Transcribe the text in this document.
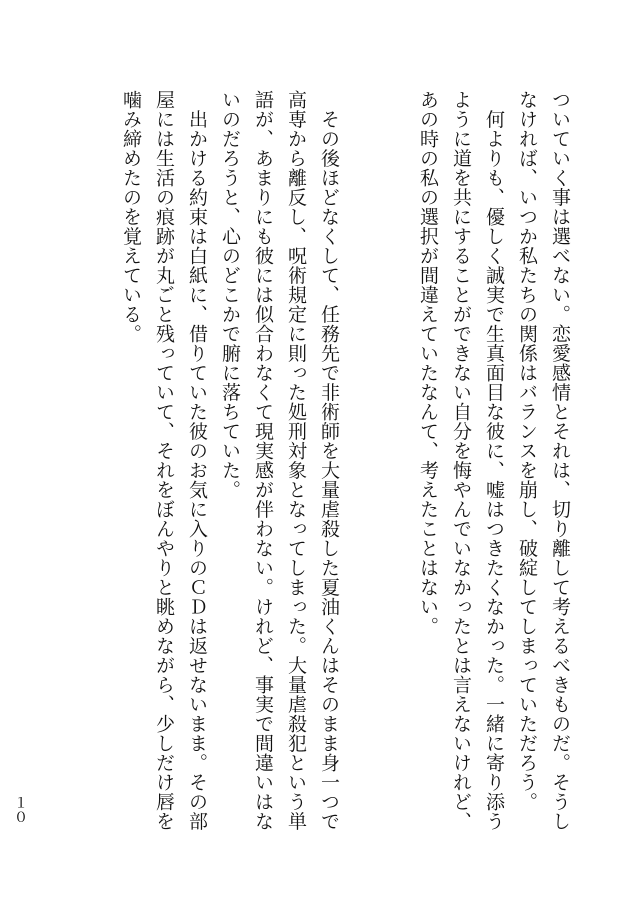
ついていく事は選べない。恋愛感情とそれは、切り離して考えるべきものだ。そうし
なければ、いつか私たちの関係はバランスを崩し、破綻してしまっていただろう。
　何よりも、優しく誠実で生真面目な彼に、嘘はつきたくなかった。一緒に寄り添う
ように道を共にすることができない自分を悔やんでいなかったとは言えないけれど、
あの時の私の選択が間違えていたなんて、考えたことはない。
　その後ほどなくして、任務先で非術師を大量虐殺した夏油くんはそのまま身一つで
高専から離反し、呪術規定に則った処刑対象となってしまった。大量虐殺犯という単
語が、あまりにも彼には似合わなくて現実感が伴わない。けれど、事実で間違いはな
いのだろうと、心のどこかで腑に落ちていた。
　出かける約束は白紙に、借りていた彼のお気に入りのＣＤは返せないまま。その部
屋には生活の痕跡が丸ごと残っていて、それをぼんやりと眺めながら、少しだけ唇を
噛み締めたのを覚えている。
１０
